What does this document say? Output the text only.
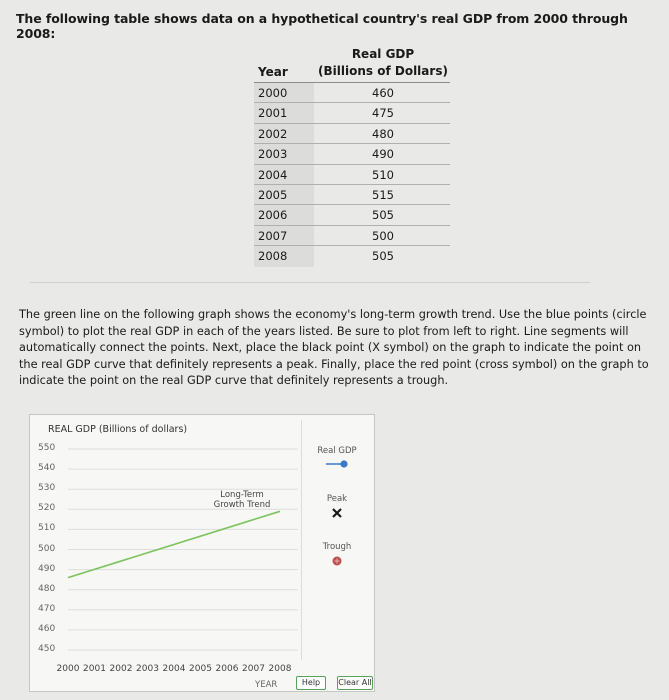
The following table shows data on a hypothetical country's real GDP from 2000 through 2008:
Year
Real GDP
(Billions of Dollars)
2000	460
2001	475
2002	480
2003	490
2004	510
2005	515
2006	505
2007	500
2008	505
The green line on the following graph shows the economy's long-term growth trend. Use the blue points (circle symbol) to plot the real GDP in each of the years listed. Be sure to plot from left to right. Line segments will automatically connect the points. Next, place the black point (X symbol) on the graph to indicate the point on the real GDP curve that definitely represents a peak. Finally, place the red point (cross symbol) on the graph to indicate the point on the real GDP curve that definitely represents a trough.
REAL GDP (Billions of dollars)
550
540
530
520
510
500
490
480
470
460
450
2000 2001 2002 2003 2004 2005 2006 2007 2008
YEAR
Long-Term
Growth Trend
Real GDP
Peak
Trough
Help	Clear All
